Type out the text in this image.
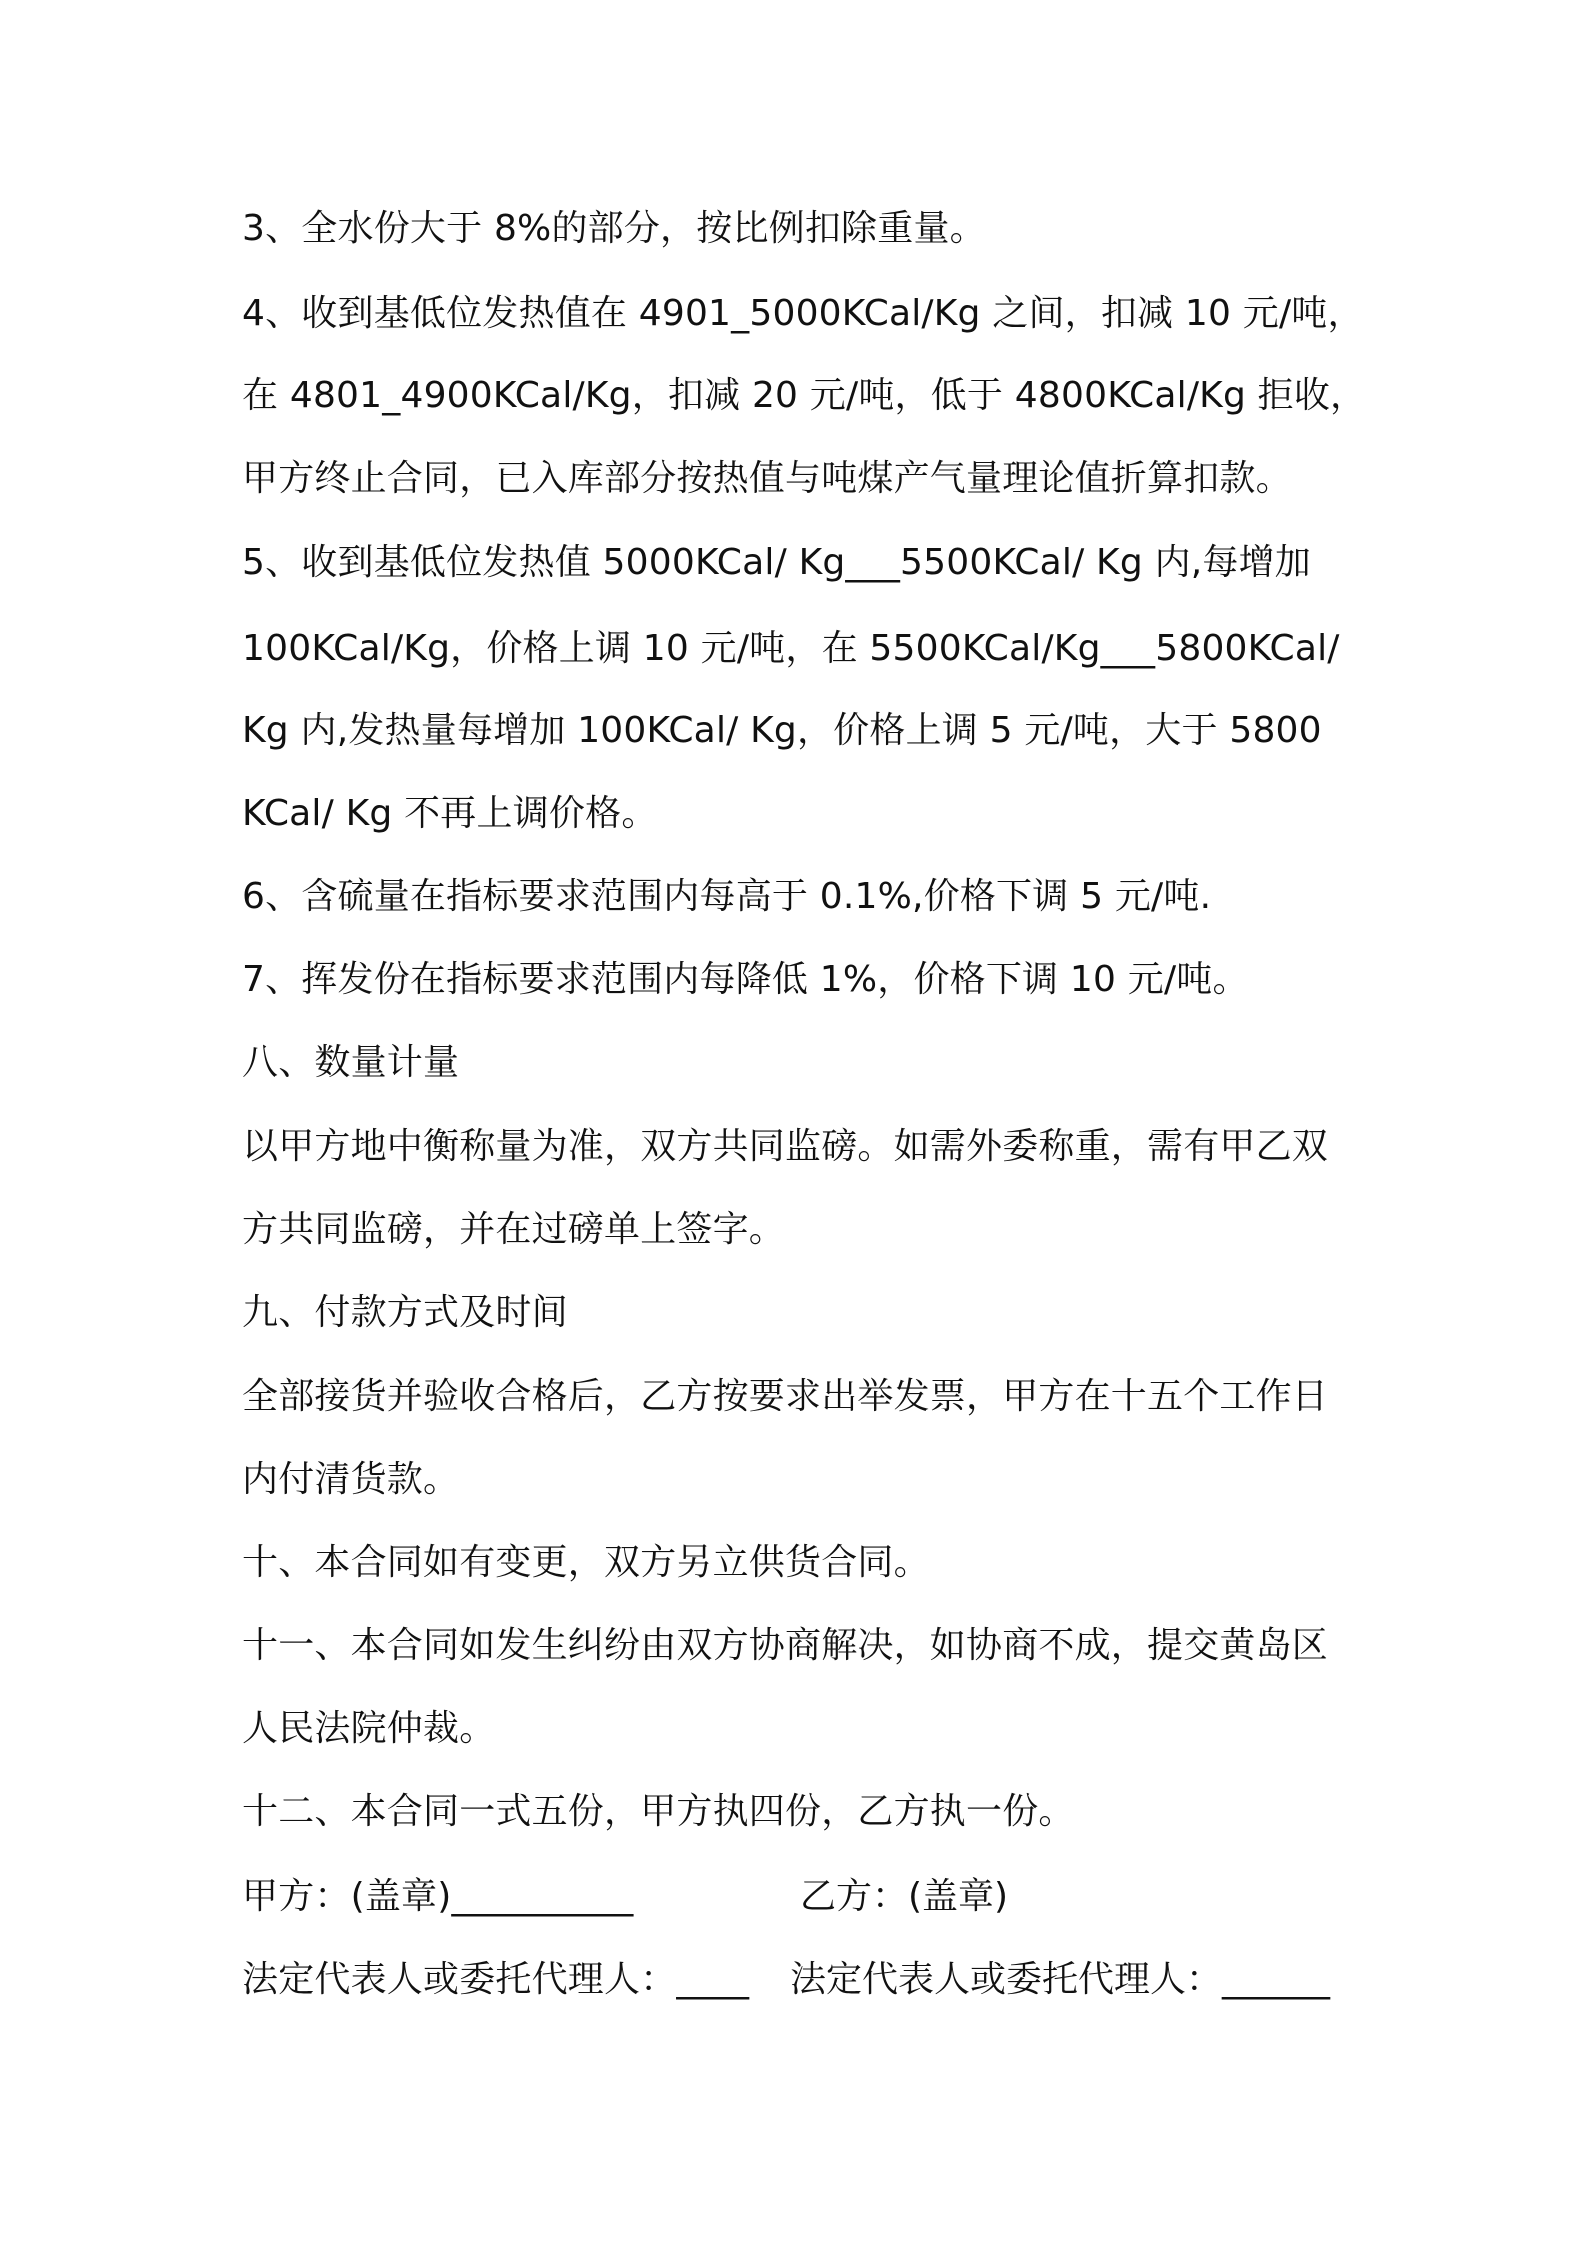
3、全水份大于 8%的部分，按比例扣除重量。
4、收到基低位发热值在 4901_5000KCal/Kg 之间，扣减 10 元/吨，
在 4801_4900KCal/Kg，扣减 20 元/吨，低于 4800KCal/Kg 拒收，
甲方终止合同，已入库部分按热值与吨煤产气量理论值折算扣款。
5、收到基低位发热值 5000KCal/ Kg___5500KCal/ Kg 内,每增加
100KCal/Kg，价格上调 10 元/吨，在 5500KCal/Kg___5800KCal/
Kg 内,发热量每增加 100KCal/ Kg，价格上调 5 元/吨，大于 5800
KCal/ Kg 不再上调价格。
6、含硫量在指标要求范围内每高于 0.1%,价格下调 5 元/吨.
7、挥发份在指标要求范围内每降低 1%，价格下调 10 元/吨。
八、数量计量
以甲方地中衡称量为准，双方共同监磅。如需外委称重，需有甲乙双
方共同监磅，并在过磅单上签字。
九、付款方式及时间
全部接货并验收合格后，乙方按要求出举发票，甲方在十五个工作日
内付清货款。
十、本合同如有变更，双方另立供货合同。
十一、本合同如发生纠纷由双方协商解决，如协商不成，提交黄岛区
人民法院仲裁。
十二、本合同一式五份，甲方执四份，乙方执一份。
甲方：(盖章)__________	乙方：(盖章)
法定代表人或委托代理人：____ 法定代表人或委托代理人：______
